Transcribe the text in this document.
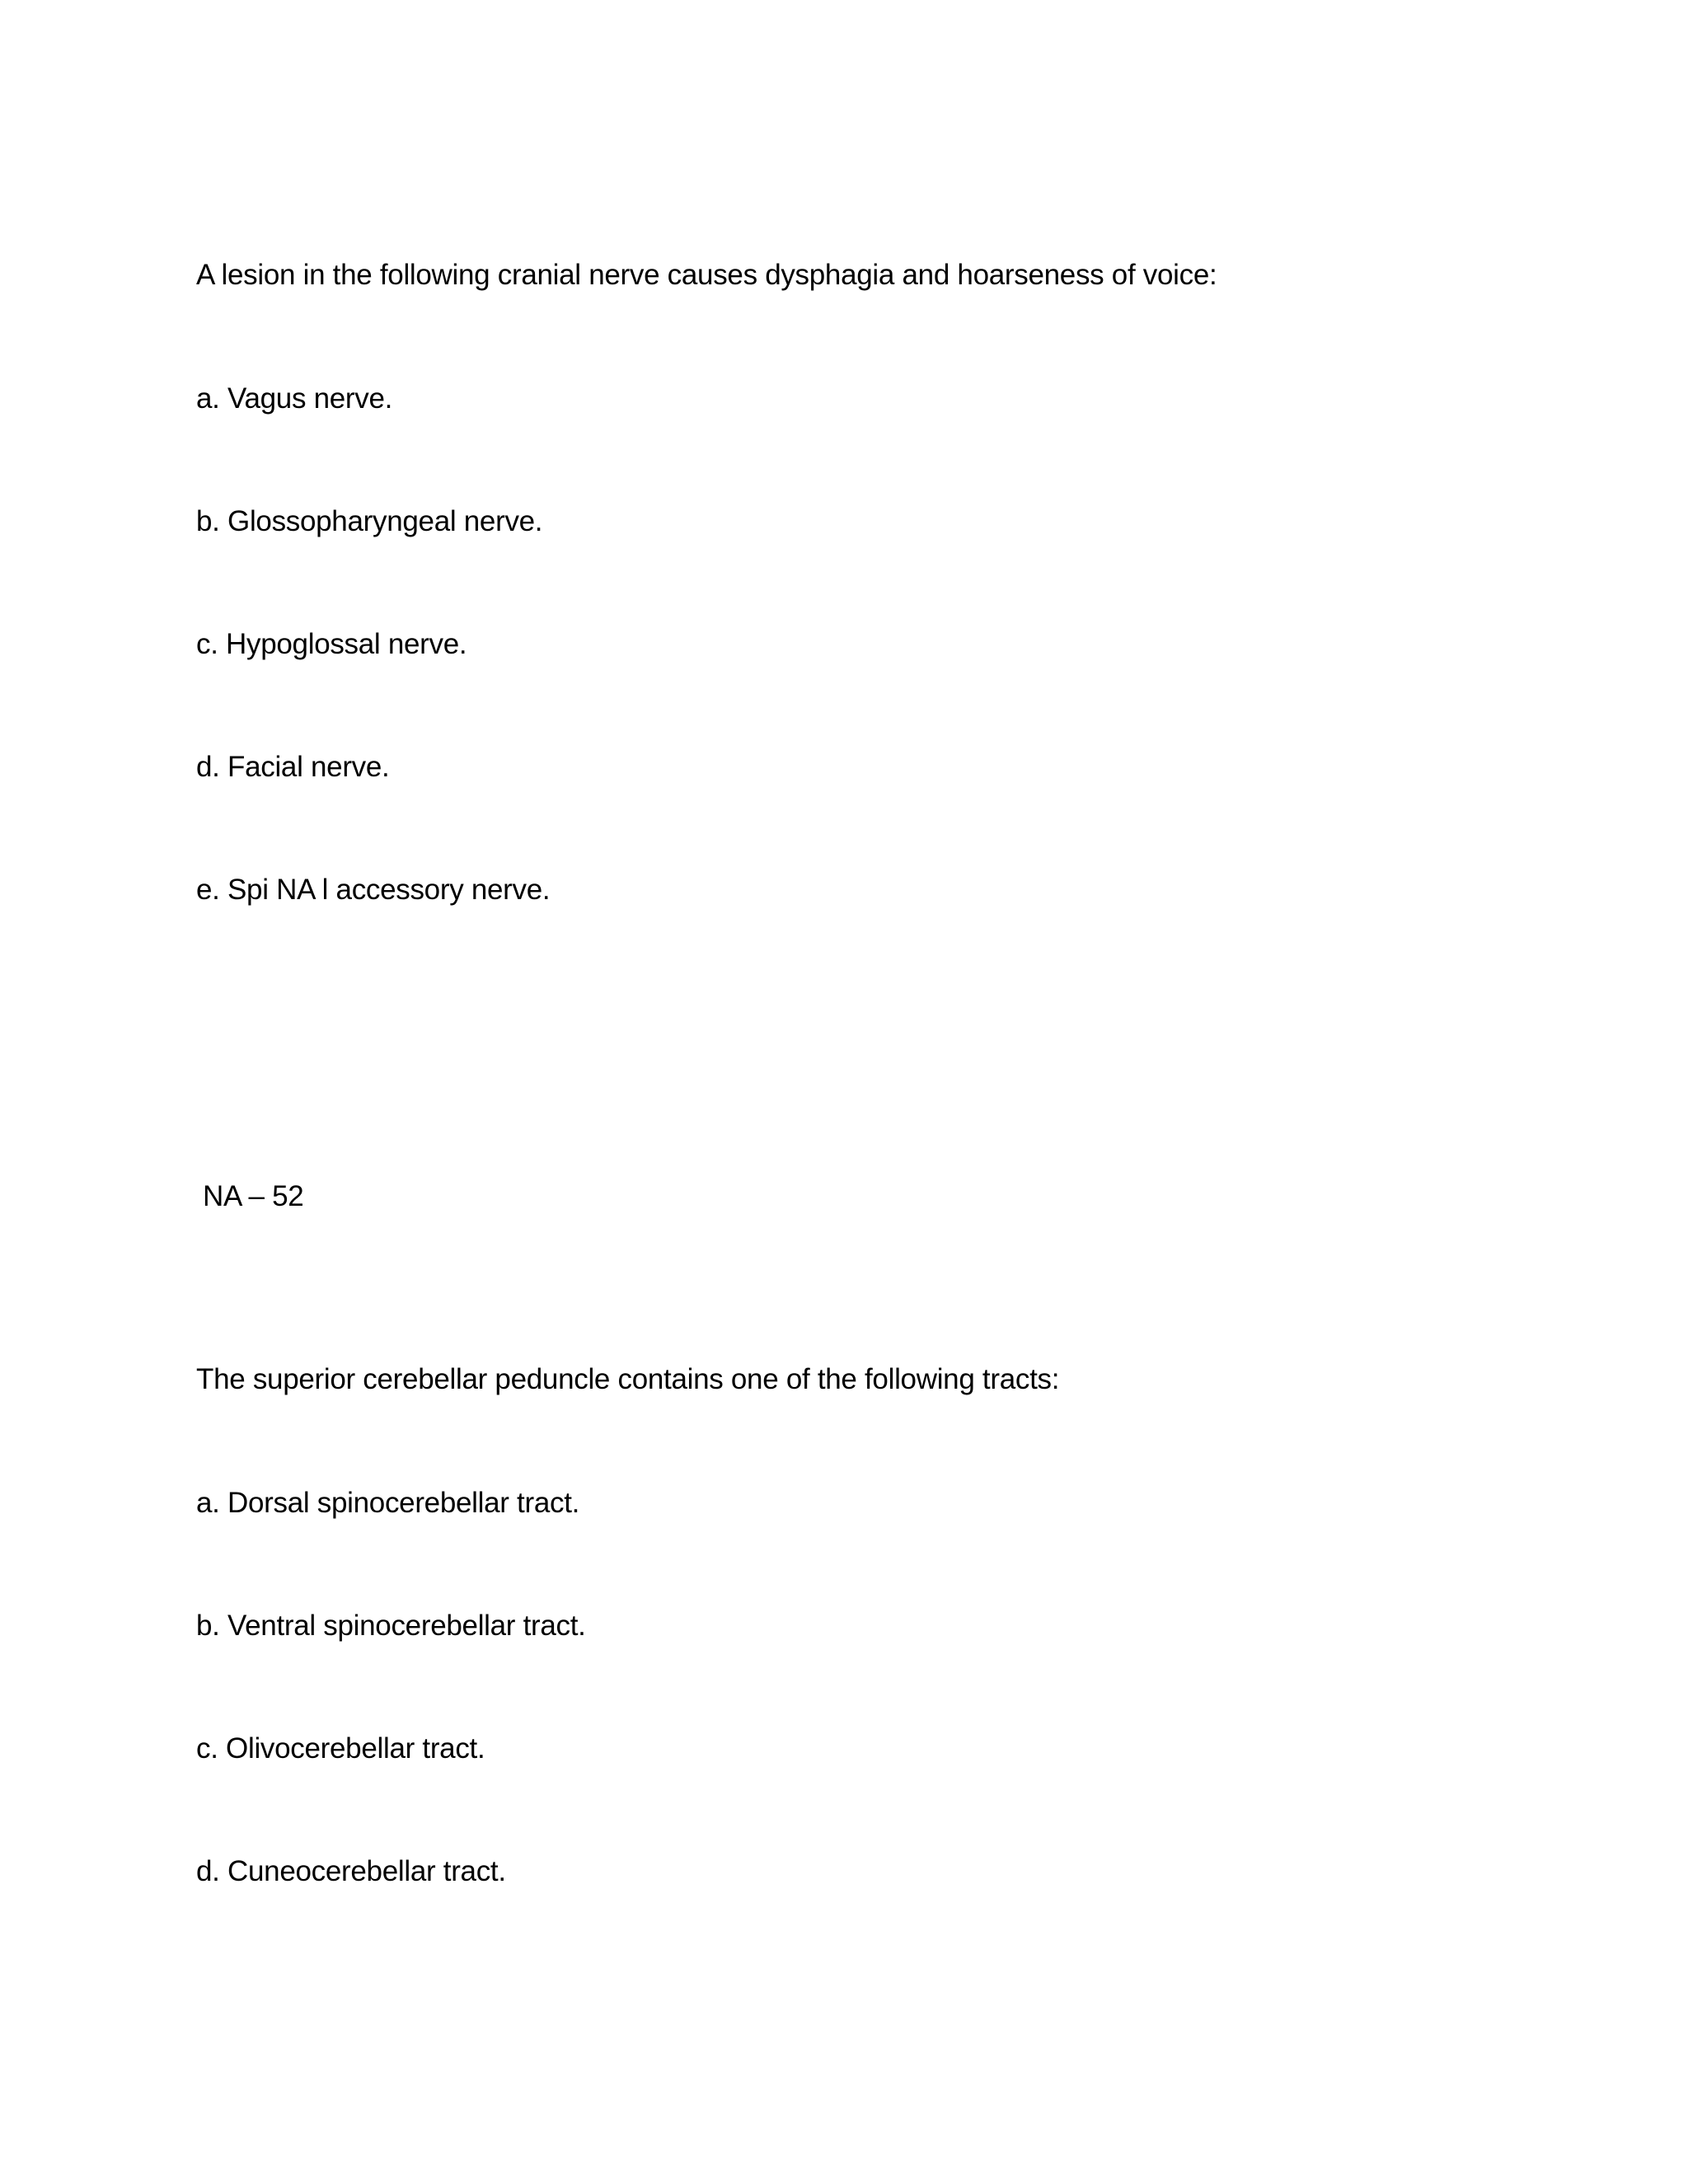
A lesion in the following cranial nerve causes dysphagia and hoarseness of voice:
a. Vagus nerve.
b. Glossopharyngeal nerve.
c. Hypoglossal nerve.
d. Facial nerve.
e. Spi NA l accessory nerve.
NA – 52
The superior cerebellar peduncle contains one of the following tracts:
a. Dorsal spinocerebellar tract.
b. Ventral spinocerebellar tract.
c. Olivocerebellar tract.
d. Cuneocerebellar tract.
